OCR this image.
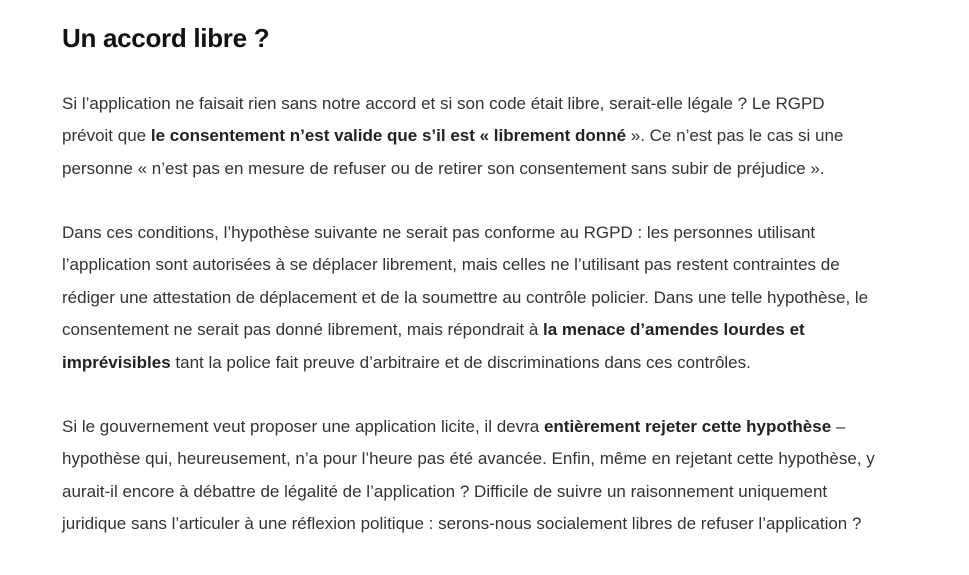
Un accord libre ?
Si l’application ne faisait rien sans notre accord et si son code était libre, serait-elle légale ? Le RGPD
prévoit que le consentement n’est valide que s’il est « librement donné ». Ce n’est pas le cas si une
personne « n’est pas en mesure de refuser ou de retirer son consentement sans subir de préjudice ».
Dans ces conditions, l’hypothèse suivante ne serait pas conforme au RGPD : les personnes utilisant
l’application sont autorisées à se déplacer librement, mais celles ne l’utilisant pas restent contraintes de
rédiger une attestation de déplacement et de la soumettre au contrôle policier. Dans une telle hypothèse, le
consentement ne serait pas donné librement, mais répondrait à la menace d’amendes lourdes et
imprévisibles tant la police fait preuve d’arbitraire et de discriminations dans ces contrôles.
Si le gouvernement veut proposer une application licite, il devra entièrement rejeter cette hypothèse –
hypothèse qui, heureusement, n’a pour l’heure pas été avancée. Enfin, même en rejetant cette hypothèse, y
aurait-il encore à débattre de légalité de l’application ? Difficile de suivre un raisonnement uniquement
juridique sans l’articuler à une réflexion politique : serons-nous socialement libres de refuser l’application ?
